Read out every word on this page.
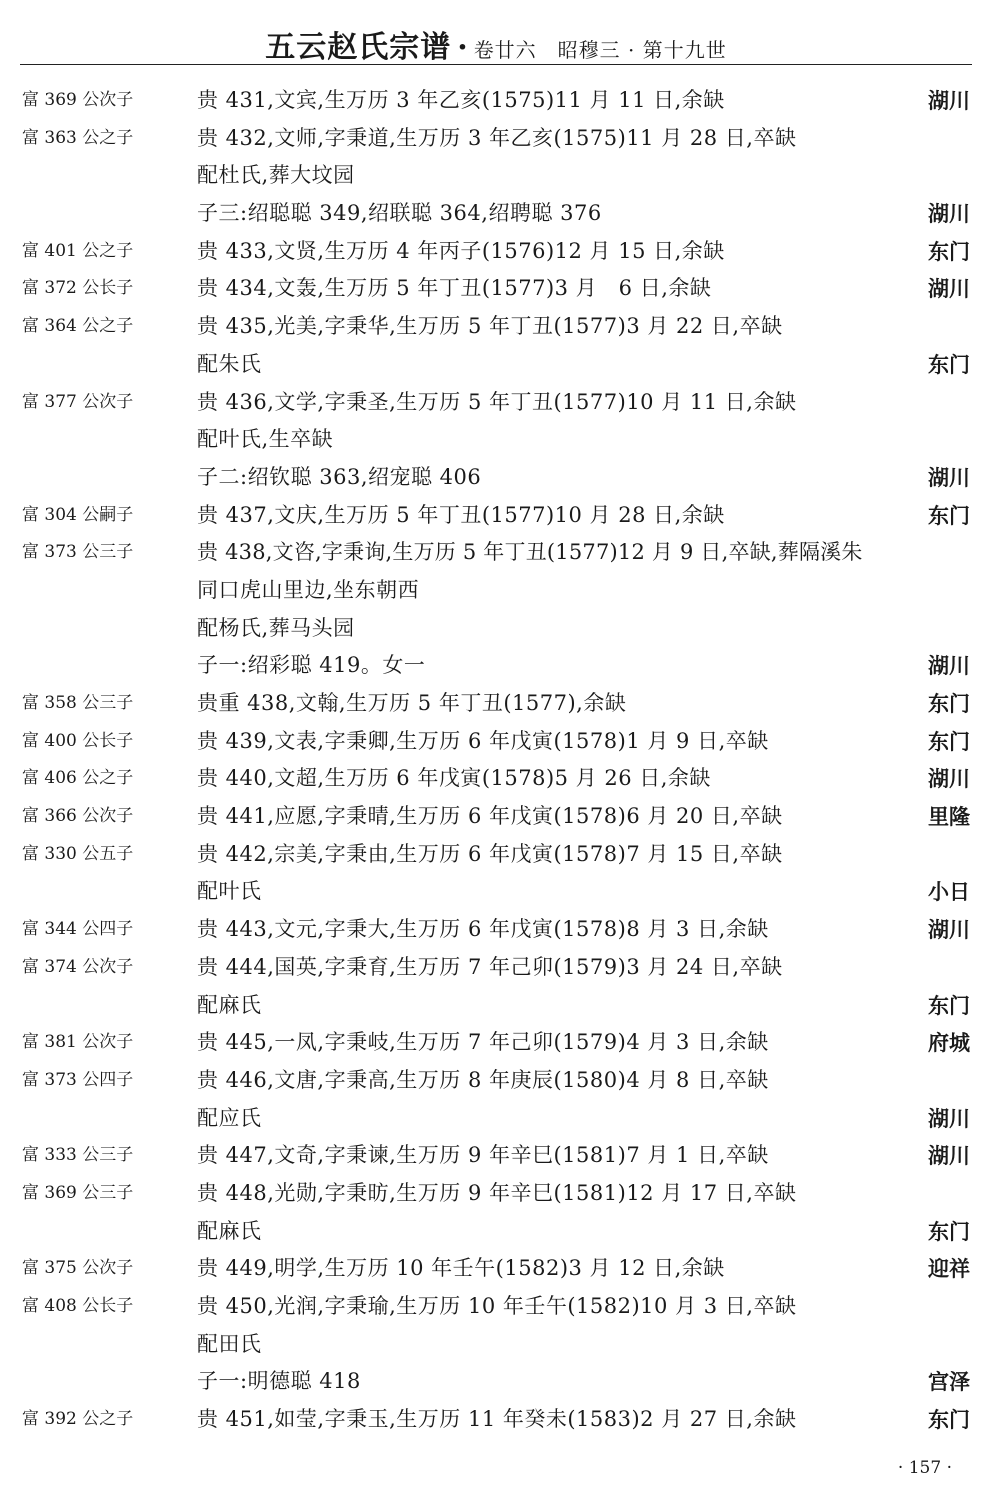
五云赵氏宗谱 · 卷廿六　昭穆三 · 第十九世
富 369 公次子	贵 431,文宾,生万历 3 年乙亥(1575)11 月 11 日,余缺	湖川
富 363 公之子	贵 432,文师,字秉道,生万历 3 年乙亥(1575)11 月 28 日,卒缺
配杜氏,葬大坟园
子三:绍聪聪 349,绍联聪 364,绍聘聪 376	湖川
富 401 公之子	贵 433,文贤,生万历 4 年丙子(1576)12 月 15 日,余缺	东门
富 372 公长子	贵 434,文轰,生万历 5 年丁丑(1577)3 月　6 日,余缺	湖川
富 364 公之子	贵 435,光美,字秉华,生万历 5 年丁丑(1577)3 月 22 日,卒缺
配朱氏	东门
富 377 公次子	贵 436,文学,字秉圣,生万历 5 年丁丑(1577)10 月 11 日,余缺
配叶氏,生卒缺
子二:绍钦聪 363,绍宠聪 406	湖川
富 304 公嗣子	贵 437,文庆,生万历 5 年丁丑(1577)10 月 28 日,余缺	东门
富 373 公三子	贵 438,文咨,字秉询,生万历 5 年丁丑(1577)12 月 9 日,卒缺,葬隔溪朱
同口虎山里边,坐东朝西
配杨氏,葬马头园
子一:绍彩聪 419。女一	湖川
富 358 公三子	贵重 438,文翰,生万历 5 年丁丑(1577),余缺	东门
富 400 公长子	贵 439,文表,字秉卿,生万历 6 年戊寅(1578)1 月 9 日,卒缺	东门
富 406 公之子	贵 440,文超,生万历 6 年戊寅(1578)5 月 26 日,余缺	湖川
富 366 公次子	贵 441,应愿,字秉晴,生万历 6 年戊寅(1578)6 月 20 日,卒缺	里隆
富 330 公五子	贵 442,宗美,字秉由,生万历 6 年戊寅(1578)7 月 15 日,卒缺
配叶氏	小日
富 344 公四子	贵 443,文元,字秉大,生万历 6 年戊寅(1578)8 月 3 日,余缺	湖川
富 374 公次子	贵 444,国英,字秉育,生万历 7 年己卯(1579)3 月 24 日,卒缺
配麻氏	东门
富 381 公次子	贵 445,一凤,字秉岐,生万历 7 年己卯(1579)4 月 3 日,余缺	府城
富 373 公四子	贵 446,文唐,字秉高,生万历 8 年庚辰(1580)4 月 8 日,卒缺
配应氏	湖川
富 333 公三子	贵 447,文奇,字秉谏,生万历 9 年辛巳(1581)7 月 1 日,卒缺	湖川
富 369 公三子	贵 448,光勋,字秉昉,生万历 9 年辛巳(1581)12 月 17 日,卒缺
配麻氏	东门
富 375 公次子	贵 449,明学,生万历 10 年壬午(1582)3 月 12 日,余缺	迎祥
富 408 公长子	贵 450,光润,字秉瑜,生万历 10 年壬午(1582)10 月 3 日,卒缺
配田氏
子一:明德聪 418	宫泽
富 392 公之子	贵 451,如莹,字秉玉,生万历 11 年癸未(1583)2 月 27 日,余缺	东门
· 157 ·
